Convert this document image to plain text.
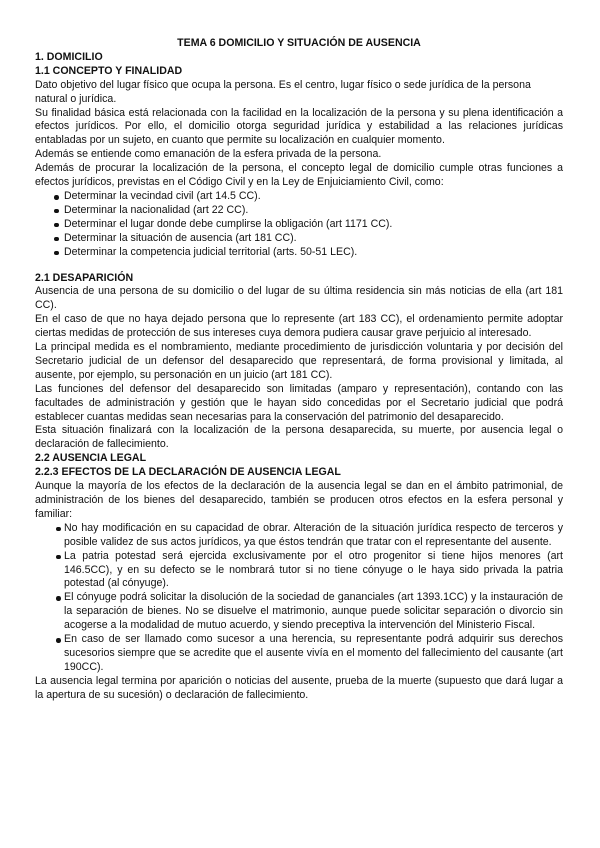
TEMA 6 DOMICILIO Y SITUACIÓN DE AUSENCIA

1. DOMICILIO

1.1 CONCEPTO Y FINALIDAD

Dato objetivo del lugar físico que ocupa la persona. Es el centro, lugar físico o sede jurídica de la persona natural o jurídica.

Su finalidad básica está relacionada con la facilidad en la localización de la persona y su plena identificación a efectos jurídicos. Por ello, el domicilio otorga seguridad jurídica y estabilidad a las relaciones jurídicas entabladas por un sujeto, en cuanto que permite su localización en cualquier momento.

Además se entiende como emanación de la esfera privada de la persona.

Además de procurar la localización de la persona, el concepto legal de domicilio cumple otras funciones a efectos jurídicos, previstas en el Código Civil y en la Ley de Enjuiciamiento Civil, como:

Determinar la vecindad civil (art 14.5 CC).
Determinar la nacionalidad (art 22 CC).
Determinar el lugar donde debe cumplirse la obligación (art 1171 CC).
Determinar la situación de ausencia (art 181 CC).
Determinar la competencia judicial territorial (arts. 50-51 LEC).

2.1 DESAPARICIÓN

Ausencia de una persona de su domicilio o del lugar de su última residencia sin más noticias de ella (art 181 CC).

En el caso de que no haya dejado persona que lo represente (art 183 CC), el ordenamiento permite adoptar ciertas medidas de protección de sus intereses cuya demora pudiera causar grave perjuicio al interesado.

La principal medida es el nombramiento, mediante procedimiento de jurisdicción voluntaria y por decisión del Secretario judicial de un defensor del desaparecido que representará, de forma provisional y limitada, al ausente, por ejemplo, su personación en un juicio (art 181 CC).

Las funciones del defensor del desaparecido son limitadas (amparo y representación), contando con las facultades de administración y gestión que le hayan sido concedidas por el Secretario judicial que podrá establecer cuantas medidas sean necesarias para la conservación del patrimonio del desaparecido.

Esta situación finalizará con la localización de la persona desaparecida, su muerte, por ausencia legal o declaración de fallecimiento.

2.2 AUSENCIA LEGAL

2.2.3 EFECTOS DE LA DECLARACIÓN DE AUSENCIA LEGAL

Aunque la mayoría de los efectos de la declaración de la ausencia legal se dan en el ámbito patrimonial, de administración de los bienes del desaparecido, también se producen otros efectos en la esfera personal y familiar:

No hay modificación en su capacidad de obrar. Alteración de la situación jurídica respecto de terceros y posible validez de sus actos jurídicos, ya que éstos tendrán que tratar con el representante del ausente.
La patria potestad será ejercida exclusivamente por el otro progenitor si tiene hijos menores (art 146.5CC), y en su defecto se le nombrará tutor si no tiene cónyuge o le haya sido privada la patria potestad (al cónyuge).
El cónyuge podrá solicitar la disolución de la sociedad de gananciales (art 1393.1CC) y la instauración de la separación de bienes. No se disuelve el matrimonio, aunque puede solicitar separación o divorcio sin acogerse a la modalidad de mutuo acuerdo, y siendo preceptiva la intervención del Ministerio Fiscal.
En caso de ser llamado como sucesor a una herencia, su representante podrá adquirir sus derechos sucesorios siempre que se acredite que el ausente vivía en el momento del fallecimiento del causante (art 190CC).

La ausencia legal termina por aparición o noticias del ausente, prueba de la muerte (supuesto que dará lugar a la apertura de su sucesión) o declaración de fallecimiento.
